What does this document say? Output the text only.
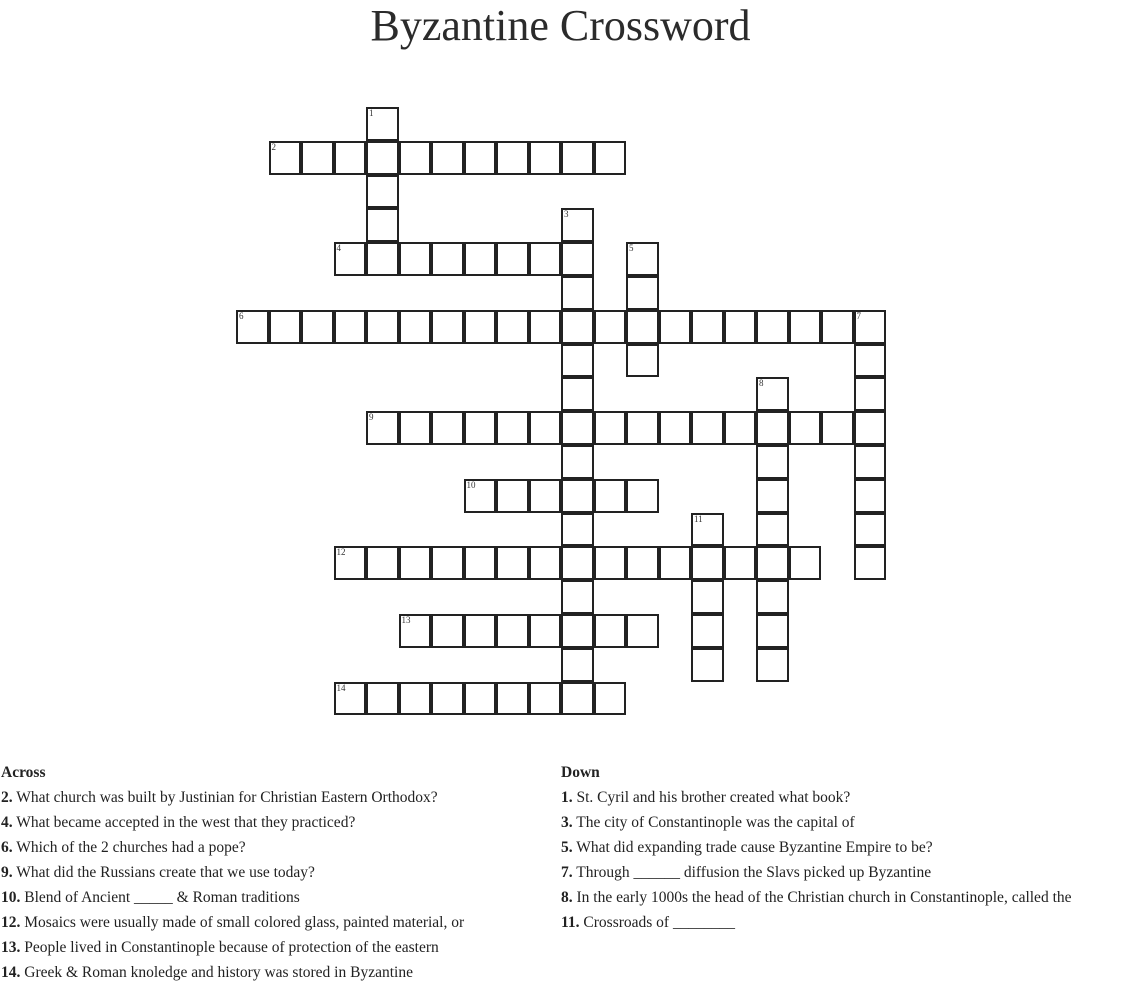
Byzantine Crossword
1
2
3
4	5
6	7
8
9
10
11
12
13
14

Across

2. What church was built by Justinian for Christian Eastern Orthodox?

4. What became accepted in the west that they practiced?

6. Which of the 2 churches had a pope?

9. What did the Russians create that we use today?

10. Blend of Ancient _____ & Roman traditions

12. Mosaics were usually made of small colored glass, painted material, or

13. People lived in Constantinople because of protection of the eastern

14. Greek & Roman knoledge and history was stored in Byzantine

Down

1. St. Cyril and his brother created what book?

3. The city of Constantinople was the capital of

5. What did expanding trade cause Byzantine Empire to be?

7. Through ______ diffusion the Slavs picked up Byzantine

8. In the early 1000s the head of the Christian church in Constantinople, called the

11. Crossroads of ________
